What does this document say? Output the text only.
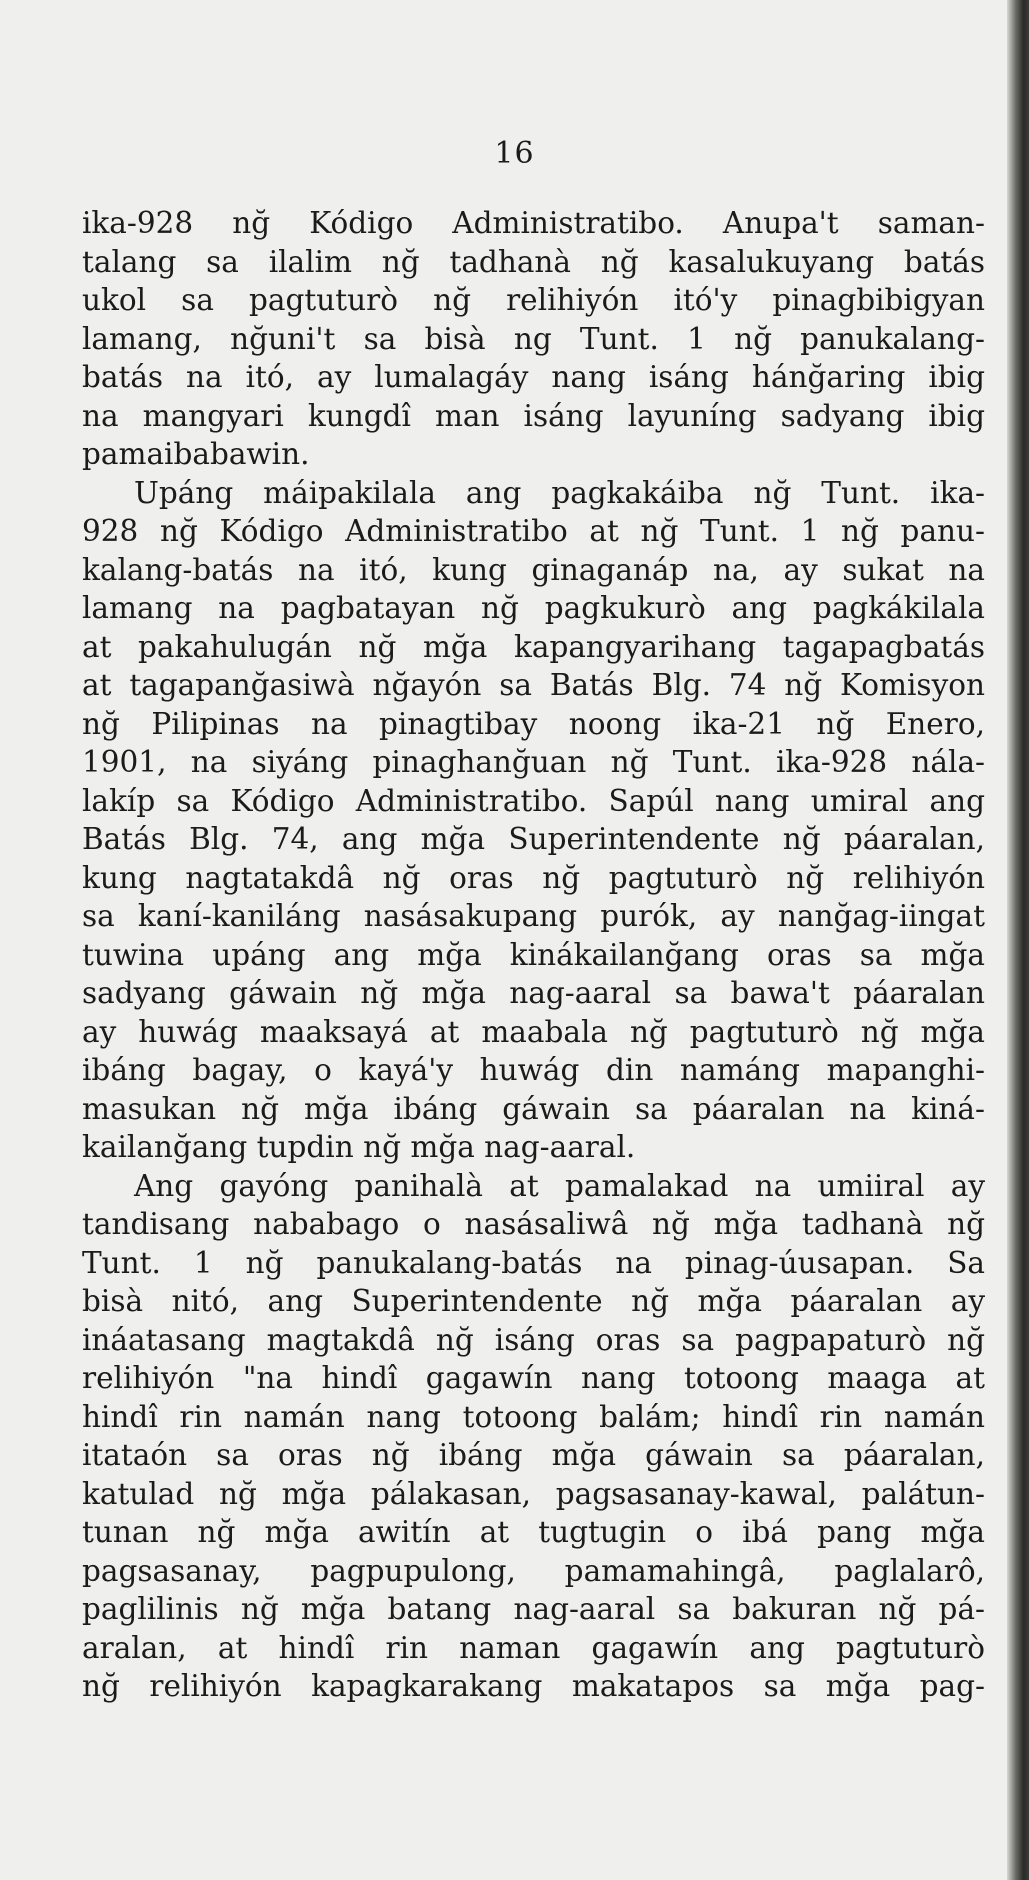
16
ika-928 nğ Kódigo Administratibo. Anupa't saman-
talang sa ilalim nğ tadhanà nğ kasalukuyang batás
ukol sa pagtuturò nğ relihiyón itó'y pinagbibigyan
lamang, nğuni't sa bisà ng Tunt. 1 nğ panukalang-
batás na itó, ay lumalagáy nang isáng hánğaring ibig
na mangyari kungdî man isáng layuníng sadyang ibig
pamaibabawin.
Upáng máipakilala ang pagkakáiba nğ Tunt. ika-
928 nğ Kódigo Administratibo at nğ Tunt. 1 nğ panu-
kalang-batás na itó, kung ginaganáp na, ay sukat na
lamang na pagbatayan nğ pagkukurò ang pagkákilala
at pakahulugán nğ mğa kapangyarihang tagapagbatás
at tagapanğasiwà nğayón sa Batás Blg. 74 nğ Komisyon
nğ Pilipinas na pinagtibay noong ika-21 nğ Enero,
1901, na siyáng pinaghanğuan nğ Tunt. ika-928 nála-
lakíp sa Kódigo Administratibo. Sapúl nang umiral ang
Batás Blg. 74, ang mğa Superintendente nğ páaralan,
kung nagtatakdâ nğ oras nğ pagtuturò nğ relihiyón
sa kaní-kaniláng nasásakupang purók, ay nanğag-iingat
tuwina upáng ang mğa kinákailanğang oras sa mğa
sadyang gáwain nğ mğa nag-aaral sa bawa't páaralan
ay huwág maaksayá at maabala nğ pagtuturò nğ mğa
ibáng bagay, o kayá'y huwág din namáng mapanghi-
masukan nğ mğa ibáng gáwain sa páaralan na kiná-
kailanğang tupdin nğ mğa nag-aaral.
Ang gayóng panihalà at pamalakad na umiiral ay
tandisang nababago o nasásaliwâ nğ mğa tadhanà nğ
Tunt. 1 nğ panukalang-batás na pinag-úusapan. Sa
bisà nitó, ang Superintendente nğ mğa páaralan ay
ináatasang magtakdâ nğ isáng oras sa pagpapaturò nğ
relihiyón "na hindî gagawín nang totoong maaga at
hindî rin namán nang totoong balám; hindî rin namán
itataón sa oras nğ ibáng mğa gáwain sa páaralan,
katulad nğ mğa pálakasan, pagsasanay-kawal, palátun-
tunan nğ mğa awitín at tugtugin o ibá pang mğa
pagsasanay, pagpupulong, pamamahingâ, paglalarô,
paglilinis nğ mğa batang nag-aaral sa bakuran nğ pá-
aralan, at hindî rin naman gagawín ang pagtuturò
nğ relihiyón kapagkarakang makatapos sa mğa pag-
